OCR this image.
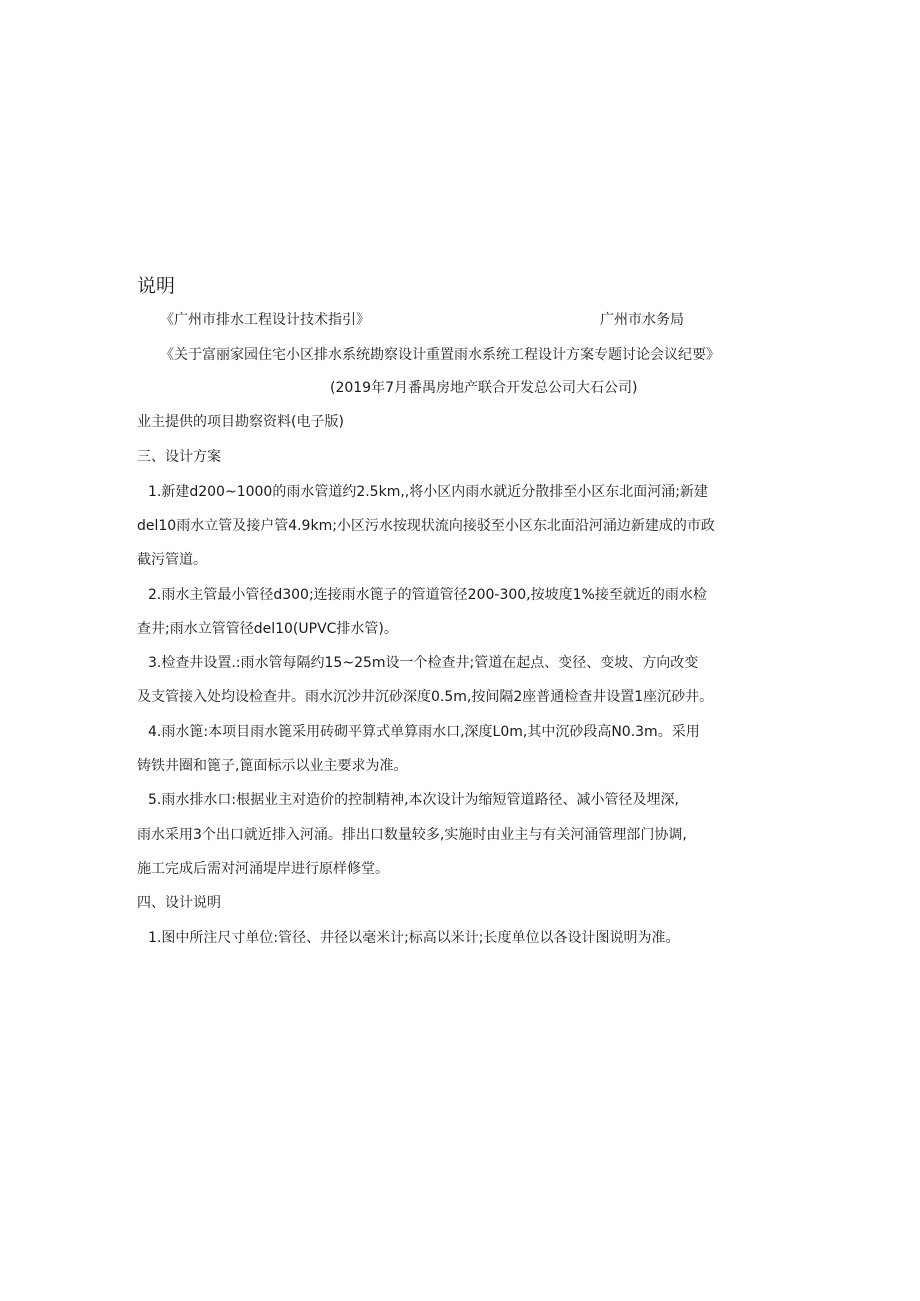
说明
《广州市排水工程设计技术指引》	广州市水务局
《关于富丽家园住宅小区排水系统勘察设计重置雨水系统工程设计方案专题讨论会议纪要》
(2019年7月番禺房地产联合开发总公司大石公司)
业主提供的项目勘察资料(电子版)
三、设计方案
1.新建d200~1000的雨水管道约2.5km,,将小区内雨水就近分散排至小区东北面河涌;新建
del10雨水立管及接户管4.9km;小区污水按现状流向接驳至小区东北面沿河涌边新建成的市政
截污管道。
2.雨水主管最小管径d300;连接雨水篦子的管道管径200-300,按坡度1%接至就近的雨水检
查井;雨水立管管径del10(UPVC排水管)。
3.检查井设置.:雨水管每隔约15~25m设一个检查井;管道在起点、变径、变坡、方向改变
及支管接入处均设检查井。雨水沉沙井沉砂深度0.5m,按间隔2座普通检查井设置1座沉砂井。
4.雨水篦:本项目雨水篦采用砖砌平算式单算雨水口,深度L0m,其中沉砂段高N0.3m。采用
铸铁井圈和篦子,篦面标示以业主要求为准。
5.雨水排水口:根据业主对造价的控制精神,本次设计为缩短管道路径、减小管径及埋深,
雨水采用3个出口就近排入河涌。排出口数量较多,实施时由业主与有关河涌管理部门协调,
施工完成后需对河涌堤岸进行原样修堂。
四、设计说明
1.图中所注尺寸单位:管径、井径以毫米计;标高以米计;长度单位以各设计图说明为准。
